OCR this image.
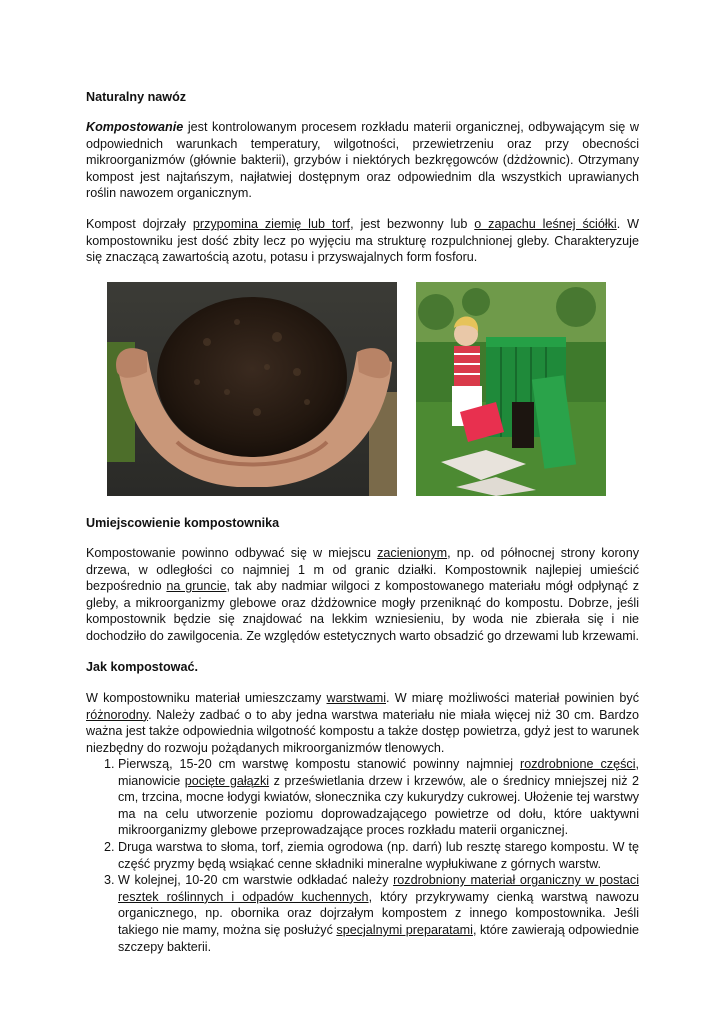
Naturalny nawóz

Kompostowanie jest kontrolowanym procesem rozkładu materii organicznej, odbywającym się w odpowiednich warunkach temperatury, wilgotności, przewietrzeniu oraz przy obecności mikroorganizmów (głównie bakterii), grzybów i niektórych bezkręgowców (dżdżownic). Otrzymany kompost jest najtańszym, najłatwiej dostępnym oraz odpowiednim dla wszystkich uprawianych roślin nawozem organicznym.

Kompost dojrzały przypomina ziemię lub torf, jest bezwonny lub o zapachu leśnej ściółki. W kompostowniku jest dość zbity lecz po wyjęciu ma strukturę rozpulchnionej gleby. Charakteryzuje się znaczącą zawartością azotu, potasu i przyswajalnych form fosforu.

Umiejscowienie kompostownika

Kompostowanie powinno odbywać się w miejscu zacienionym, np. od północnej strony korony drzewa, w odległości co najmniej 1 m od granic działki. Kompostownik najlepiej umieścić bezpośrednio na gruncie, tak aby nadmiar wilgoci z kompostowanego materiału mógł odpłynąć z gleby, a mikroorganizmy glebowe oraz dżdżownice mogły przeniknąć do kompostu. Dobrze, jeśli kompostownik będzie się znajdować na lekkim wzniesieniu, by woda nie zbierała się i nie dochodziło do zawilgocenia. Ze względów estetycznych warto obsadzić go drzewami lub krzewami.

Jak kompostować.

W kompostowniku materiał umieszczamy warstwami. W miarę możliwości materiał powinien być różnorodny. Należy zadbać o to aby jedna warstwa materiału nie miała więcej niż 30 cm. Bardzo ważna jest także odpowiednia wilgotność kompostu a także dostęp powietrza, gdyż jest to warunek niezbędny do rozwoju pożądanych mikroorganizmów tlenowych.

1. Pierwszą, 15-20 cm warstwę kompostu stanowić powinny najmniej rozdrobnione części, mianowicie pocięte gałązki z prześwietlania drzew i krzewów, ale o średnicy mniejszej niż 2 cm, trzcina, mocne łodygi kwiatów, słonecznika czy kukurydzy cukrowej. Ułożenie tej warstwy ma na celu utworzenie poziomu doprowadzającego powietrze od dołu, które uaktywni mikroorganizmy glebowe przeprowadzające proces rozkładu materii organicznej.
2. Druga warstwa to słoma, torf, ziemia ogrodowa (np. darń) lub resztę starego kompostu. W tę część pryzmy będą wsiąkać cenne składniki mineralne wypłukiwane z górnych warstw.
3. W kolejnej, 10-20 cm warstwie odkładać należy rozdrobniony materiał organiczny w postaci resztek roślinnych i odpadów kuchennych, który przykrywamy cienką warstwą nawozu organicznego, np. obornika oraz dojrzałym kompostem z innego kompostownika. Jeśli takiego nie mamy, można się posłużyć specjalnymi preparatami, które zawierają odpowiednie szczepy bakterii.
